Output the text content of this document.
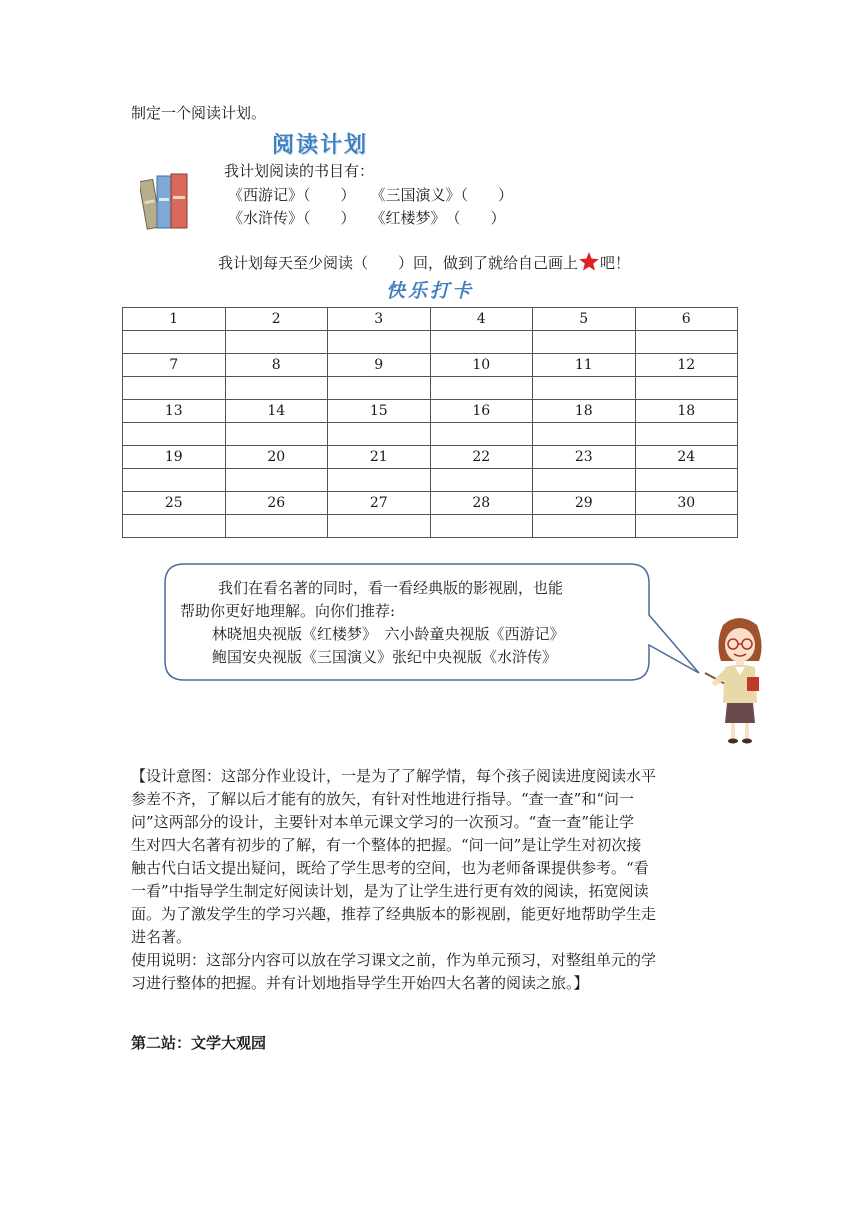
制定一个阅读计划。
阅读计划
我计划阅读的书目有：
《西游记》（　　）　　《三国演义》（　　）
《水浒传》（　　）　　《红楼梦》　（　　）
我计划每天至少阅读（　　）回，做到了就给自己画上 吧！
快乐打卡
1	2	3	4	5	6

7	8	9	10	11	12

13	14	15	16	18	18

19	20	21	22	23	24

25	26	27	28	29	30

我们在看名著的同时，看一看经典版的影视剧，也能
帮助你更好地理解。向你们推荐:
林晓旭央视版《红楼梦》　六小龄童央视版《西游记》
鲍国安央视版《三国演义》张纪中央视版《水浒传》
【设计意图：这部分作业设计，一是为了了解学情，每个孩子阅读进度阅读水平
参差不齐，了解以后才能有的放矢，有针对性地进行指导。“查一查”和“问一
问”这两部分的设计，主要针对本单元课文学习的一次预习。“查一查”能让学
生对四大名著有初步的了解，有一个整体的把握。“问一问”是让学生对初次接
触古代白话文提出疑问，既给了学生思考的空间，也为老师备课提供参考。“看
一看”中指导学生制定好阅读计划，是为了让学生进行更有效的阅读，拓宽阅读
面。为了激发学生的学习兴趣，推荐了经典版本的影视剧，能更好地帮助学生走
进名著。
使用说明：这部分内容可以放在学习课文之前，作为单元预习，对整组单元的学
习进行整体的把握。并有计划地指导学生开始四大名著的阅读之旅。】
第二站：文学大观园
